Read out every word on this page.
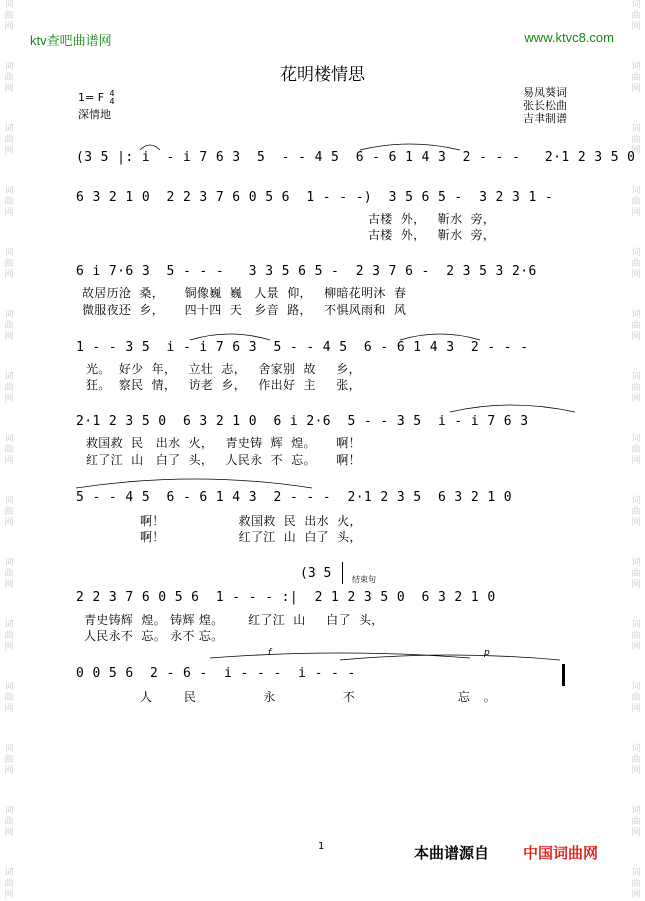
词
曲
网
词
曲
网
词
曲
网
词
曲
网
词
曲
网
词
曲
网
词
曲
网
词
曲
网
词
曲
网
词
曲
网
词
曲
网
词
曲
网
词
曲
网
词
曲
网
词
曲
网
词
曲
网
词
曲
网
词
曲
网
词
曲
网
词
曲
网
词
曲
网
词
曲
网
词
曲
网
词
曲
网
词
曲
网
词
曲
网
词
曲
网
词
曲
网
词
曲
网
词
曲
网
ktv查吧曲谱网	www.ktvc8.com
花明楼情思
1= F 4
4
深情地
易凤葵词
张长松曲
吉聿制谱
(3 5 |: i  - i 7 6 3  5  - - 4 5  6 - 6 1 4 3  2 - - -   2·1 2 3 5 0
6 3 2 1 0  2 2 3 7 6 0 5 6  1 - - -)  3 5 6 5 -  3 2 3 1 -
古楼  外，   靳水  旁，
古楼  外，   靳水  旁，
6 i 7·6 3  5 - - -   3 3 5 6 5 -  2 3 7 6 -  2 3 5 3 2·6
故居历沧  桑，     铜像巍  巍   人景  仰，   柳暗花明沐  春
微服夜还  乡，     四十四  天   乡音  路，   不惧风雨和  风
1 - - 3 5  i - i 7 6 3  5 - - 4 5  6 - 6 1 4 3  2 - - -
光。  好少  年，   立壮  志，   舍家别  故     乡，
狂。  察民  情，   访老  乡，   作出好  主     张，
2·1 2 3 5 0  6 3 2 1 0  6 i 2·6  5 - - 3 5  i - i 7 6 3
救国救  民   出水  火，   青史铸  辉  煌。     啊！
红了江  山   白了  头，   人民永  不  忘。     啊！
5 - - 4 5  6 - 6 1 4 3  2 - - -  2·1 2 3 5  6 3 2 1 0
啊！                  救国救  民  出水  火，
啊！                  红了江  山  白了  头，
(3 5	结束句
2 2 3 7 6 0 5 6  1 - - - :|  2 1 2 3 5 0  6 3 2 1 0
青史铸辉  煌。 铸辉 煌。      红了江  山     白了  头，
人民永不  忘。 永不 忘。
f	p
0 0 5 6  2 - 6 -  i - - -  i - - -
人 民   永   不     忘。
1	本曲谱源自 中国词曲网
